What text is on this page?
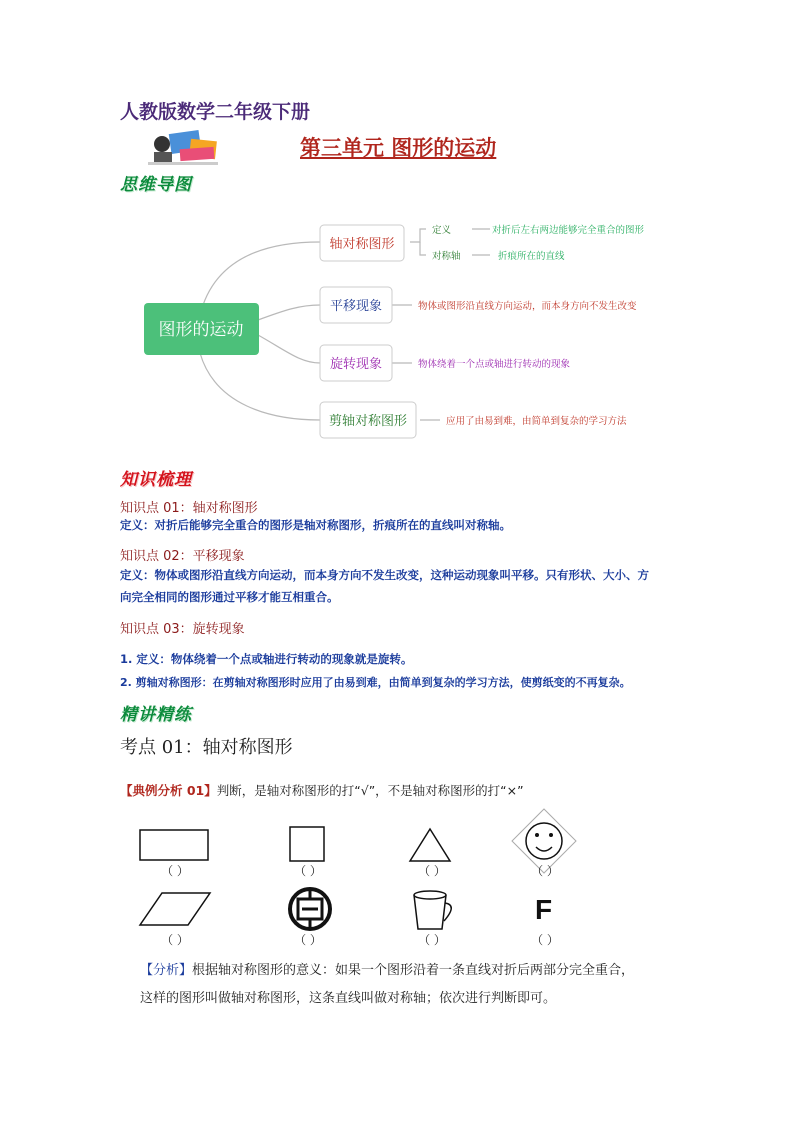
人教版数学二年级下册
第三单元 图形的运动
思维导图
图形的运动
轴对称图形
定义	对折后左右两边能够完全重合的图形
对称轴	折痕所在的直线
平移现象	物体或图形沿直线方向运动，而本身方向不发生改变
旋转现象	物体绕着一个点或轴进行转动的现象
剪轴对称图形	应用了由易到难，由简单到复杂的学习方法
知识梳理
知识点 01：轴对称图形
定义：对折后能够完全重合的图形是轴对称图形，折痕所在的直线叫对称轴。
知识点 02：平移现象
定义：物体或图形沿直线方向运动，而本身方向不发生改变，这种运动现象叫平移。只有形状、大小、方
向完全相同的图形通过平移才能互相重合。
知识点 03：旋转现象
1. 定义：物体绕着一个点或轴进行转动的现象就是旋转。
2. 剪轴对称图形：在剪轴对称图形时应用了由易到难，由简单到复杂的学习方法，使剪纸变的不再复杂。
精讲精练
考点 01：轴对称图形
【典例分析 01】判断，是轴对称图形的打“√”，不是轴对称图形的打“×”
F
（ ）	（ ）	（ ）	（ ）
（ ）	（ ）	（ ）	（ ）
【分析】根据轴对称图形的意义：如果一个图形沿着一条直线对折后两部分完全重合，
这样的图形叫做轴对称图形，这条直线叫做对称轴；依次进行判断即可。
